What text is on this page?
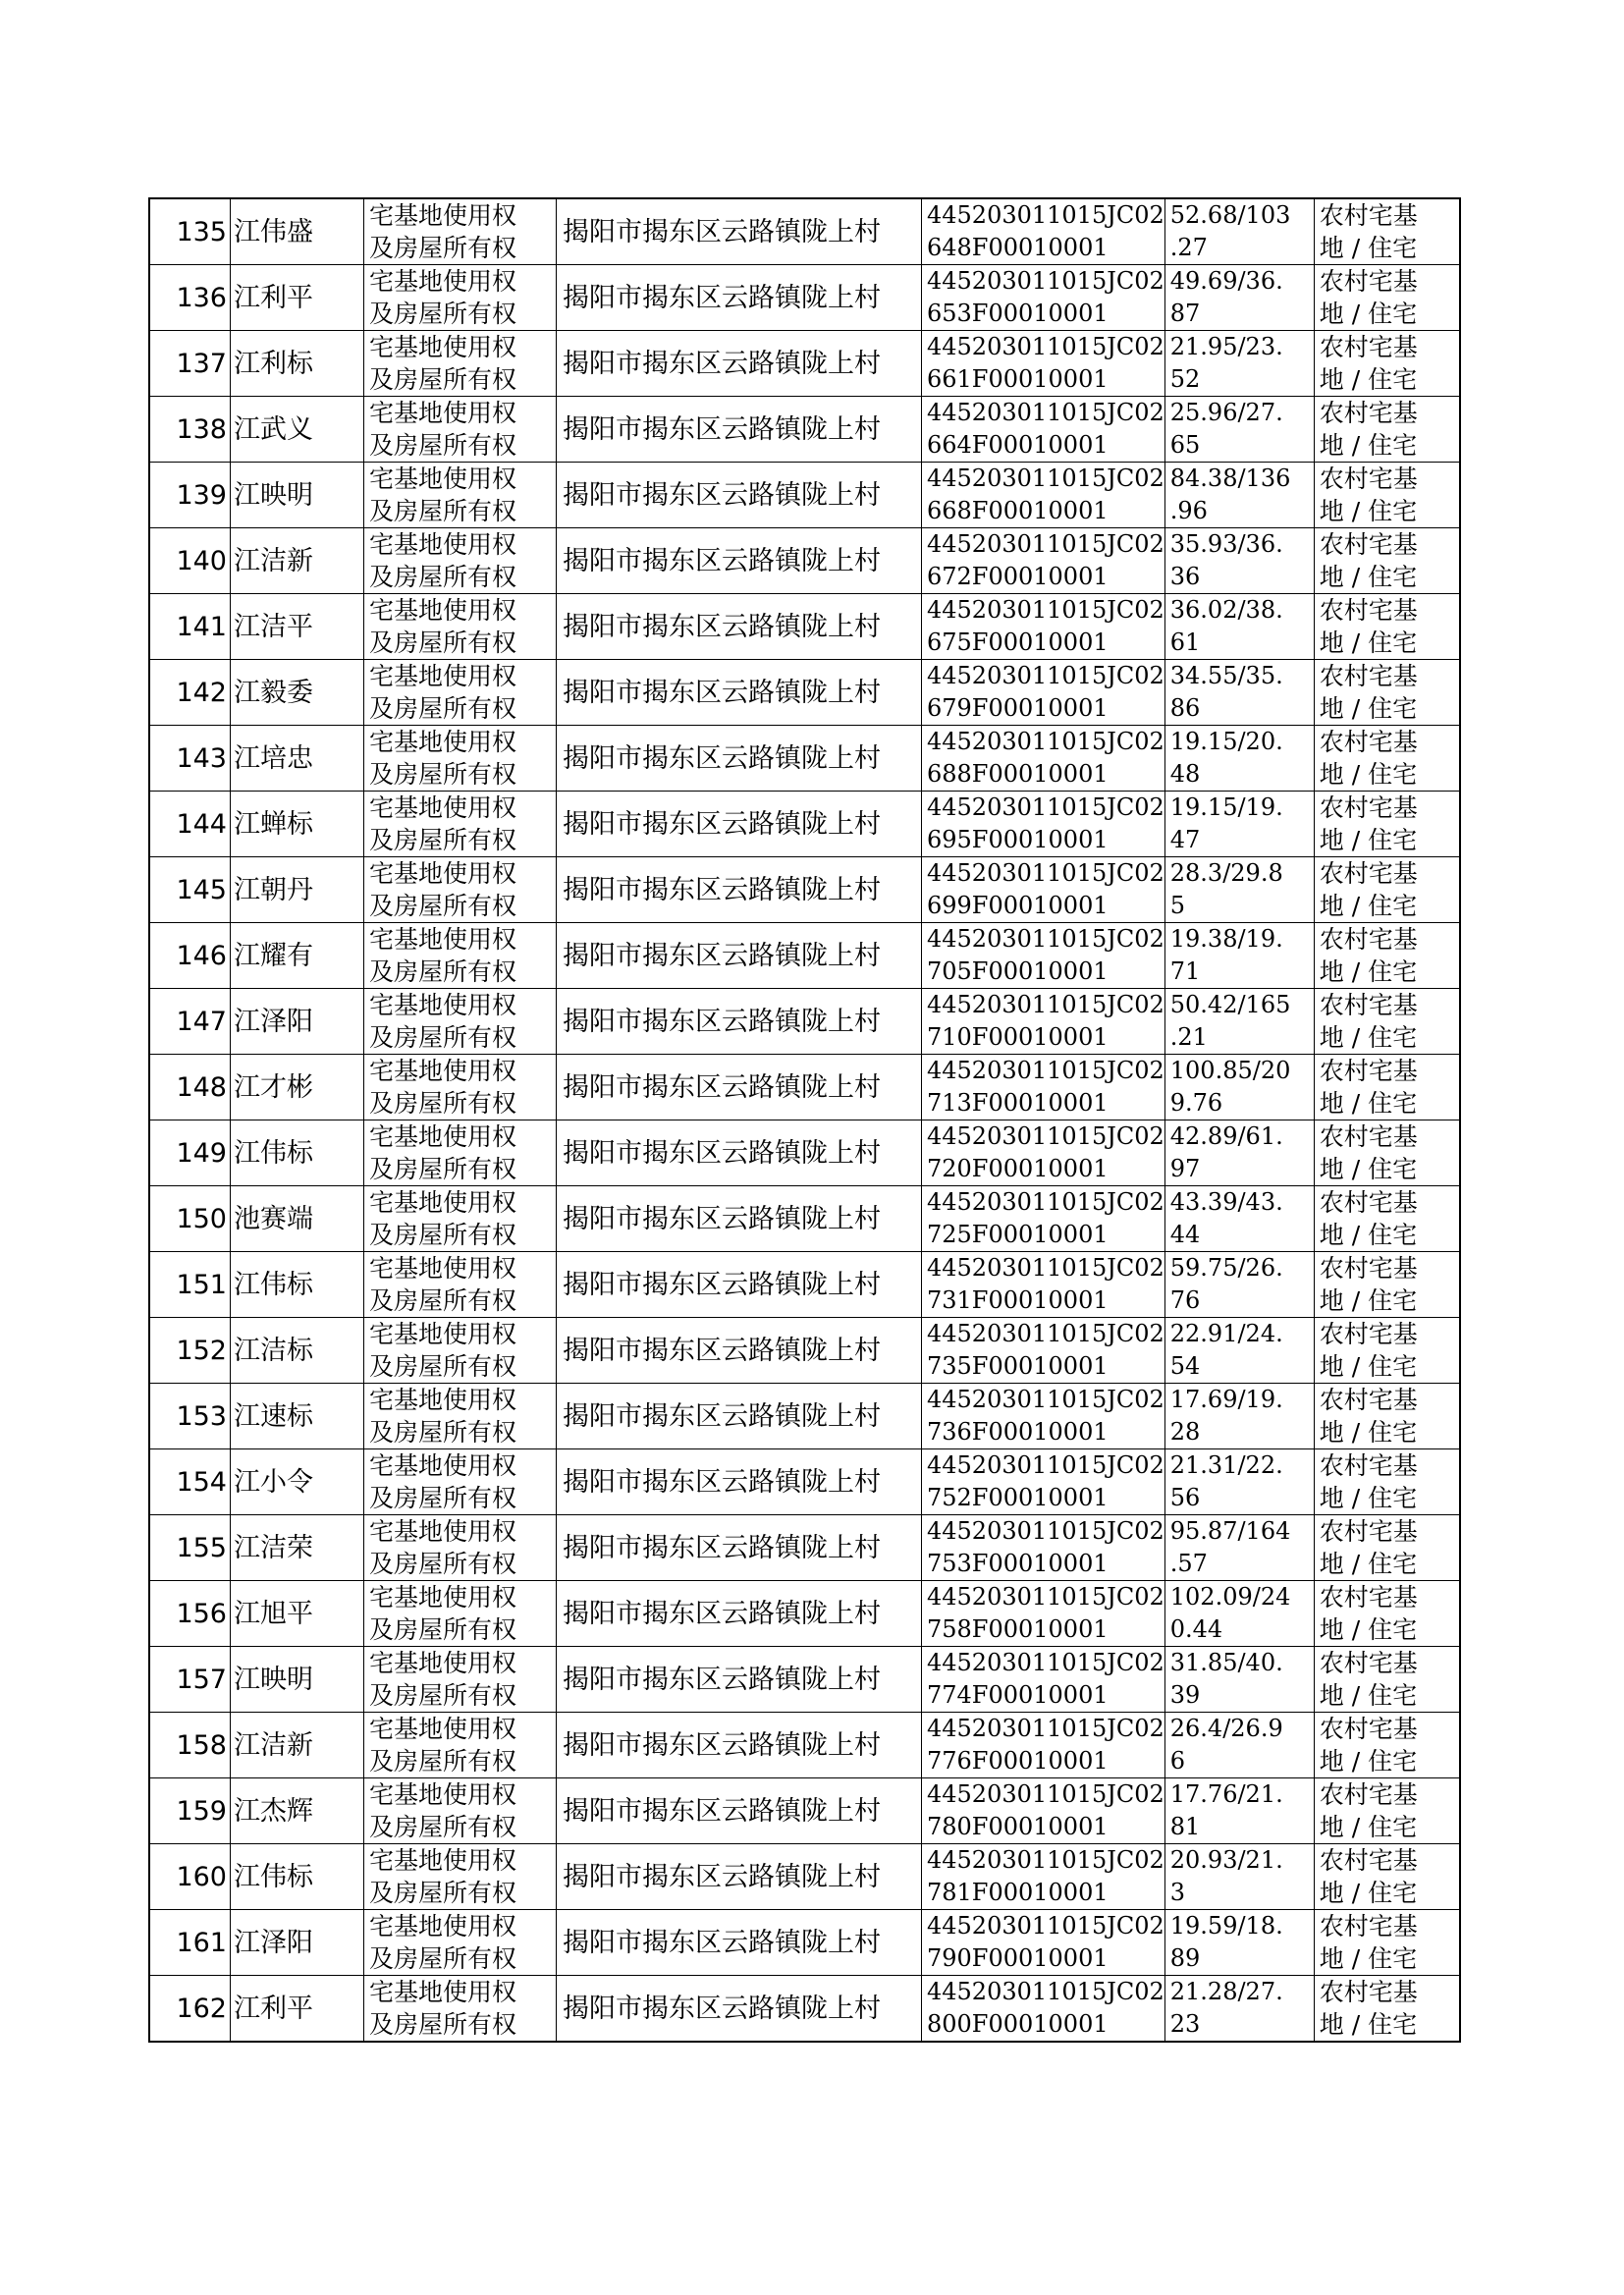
135	江伟盛	宅基地使用权
及房屋所有权	揭阳市揭东区云路镇陇上村	445203011015JC02
648F00010001	52.68/103
.27	农村宅基
地 / 住宅

136	江利平	宅基地使用权
及房屋所有权	揭阳市揭东区云路镇陇上村	445203011015JC02
653F00010001	49.69/36.
87	农村宅基
地 / 住宅

137	江利标	宅基地使用权
及房屋所有权	揭阳市揭东区云路镇陇上村	445203011015JC02
661F00010001	21.95/23.
52	农村宅基
地 / 住宅

138	江武义	宅基地使用权
及房屋所有权	揭阳市揭东区云路镇陇上村	445203011015JC02
664F00010001	25.96/27.
65	农村宅基
地 / 住宅

139	江映明	宅基地使用权
及房屋所有权	揭阳市揭东区云路镇陇上村	445203011015JC02
668F00010001	84.38/136
.96	农村宅基
地 / 住宅

140	江洁新	宅基地使用权
及房屋所有权	揭阳市揭东区云路镇陇上村	445203011015JC02
672F00010001	35.93/36.
36	农村宅基
地 / 住宅

141	江洁平	宅基地使用权
及房屋所有权	揭阳市揭东区云路镇陇上村	445203011015JC02
675F00010001	36.02/38.
61	农村宅基
地 / 住宅

142	江毅委	宅基地使用权
及房屋所有权	揭阳市揭东区云路镇陇上村	445203011015JC02
679F00010001	34.55/35.
86	农村宅基
地 / 住宅

143	江培忠	宅基地使用权
及房屋所有权	揭阳市揭东区云路镇陇上村	445203011015JC02
688F00010001	19.15/20.
48	农村宅基
地 / 住宅

144	江蝉标	宅基地使用权
及房屋所有权	揭阳市揭东区云路镇陇上村	445203011015JC02
695F00010001	19.15/19.
47	农村宅基
地 / 住宅

145	江朝丹	宅基地使用权
及房屋所有权	揭阳市揭东区云路镇陇上村	445203011015JC02
699F00010001	28.3/29.8
5	农村宅基
地 / 住宅

146	江耀有	宅基地使用权
及房屋所有权	揭阳市揭东区云路镇陇上村	445203011015JC02
705F00010001	19.38/19.
71	农村宅基
地 / 住宅

147	江泽阳	宅基地使用权
及房屋所有权	揭阳市揭东区云路镇陇上村	445203011015JC02
710F00010001	50.42/165
.21	农村宅基
地 / 住宅

148	江才彬	宅基地使用权
及房屋所有权	揭阳市揭东区云路镇陇上村	445203011015JC02
713F00010001	100.85/20
9.76	农村宅基
地 / 住宅

149	江伟标	宅基地使用权
及房屋所有权	揭阳市揭东区云路镇陇上村	445203011015JC02
720F00010001	42.89/61.
97	农村宅基
地 / 住宅

150	池赛端	宅基地使用权
及房屋所有权	揭阳市揭东区云路镇陇上村	445203011015JC02
725F00010001	43.39/43.
44	农村宅基
地 / 住宅

151	江伟标	宅基地使用权
及房屋所有权	揭阳市揭东区云路镇陇上村	445203011015JC02
731F00010001	59.75/26.
76	农村宅基
地 / 住宅

152	江洁标	宅基地使用权
及房屋所有权	揭阳市揭东区云路镇陇上村	445203011015JC02
735F00010001	22.91/24.
54	农村宅基
地 / 住宅

153	江速标	宅基地使用权
及房屋所有权	揭阳市揭东区云路镇陇上村	445203011015JC02
736F00010001	17.69/19.
28	农村宅基
地 / 住宅

154	江小令	宅基地使用权
及房屋所有权	揭阳市揭东区云路镇陇上村	445203011015JC02
752F00010001	21.31/22.
56	农村宅基
地 / 住宅

155	江洁荣	宅基地使用权
及房屋所有权	揭阳市揭东区云路镇陇上村	445203011015JC02
753F00010001	95.87/164
.57	农村宅基
地 / 住宅

156	江旭平	宅基地使用权
及房屋所有权	揭阳市揭东区云路镇陇上村	445203011015JC02
758F00010001	102.09/24
0.44	农村宅基
地 / 住宅

157	江映明	宅基地使用权
及房屋所有权	揭阳市揭东区云路镇陇上村	445203011015JC02
774F00010001	31.85/40.
39	农村宅基
地 / 住宅

158	江洁新	宅基地使用权
及房屋所有权	揭阳市揭东区云路镇陇上村	445203011015JC02
776F00010001	26.4/26.9
6	农村宅基
地 / 住宅

159	江杰辉	宅基地使用权
及房屋所有权	揭阳市揭东区云路镇陇上村	445203011015JC02
780F00010001	17.76/21.
81	农村宅基
地 / 住宅

160	江伟标	宅基地使用权
及房屋所有权	揭阳市揭东区云路镇陇上村	445203011015JC02
781F00010001	20.93/21.
3	农村宅基
地 / 住宅

161	江泽阳	宅基地使用权
及房屋所有权	揭阳市揭东区云路镇陇上村	445203011015JC02
790F00010001	19.59/18.
89	农村宅基
地 / 住宅

162	江利平	宅基地使用权
及房屋所有权	揭阳市揭东区云路镇陇上村	445203011015JC02
800F00010001	21.28/27.
23	农村宅基
地 / 住宅
